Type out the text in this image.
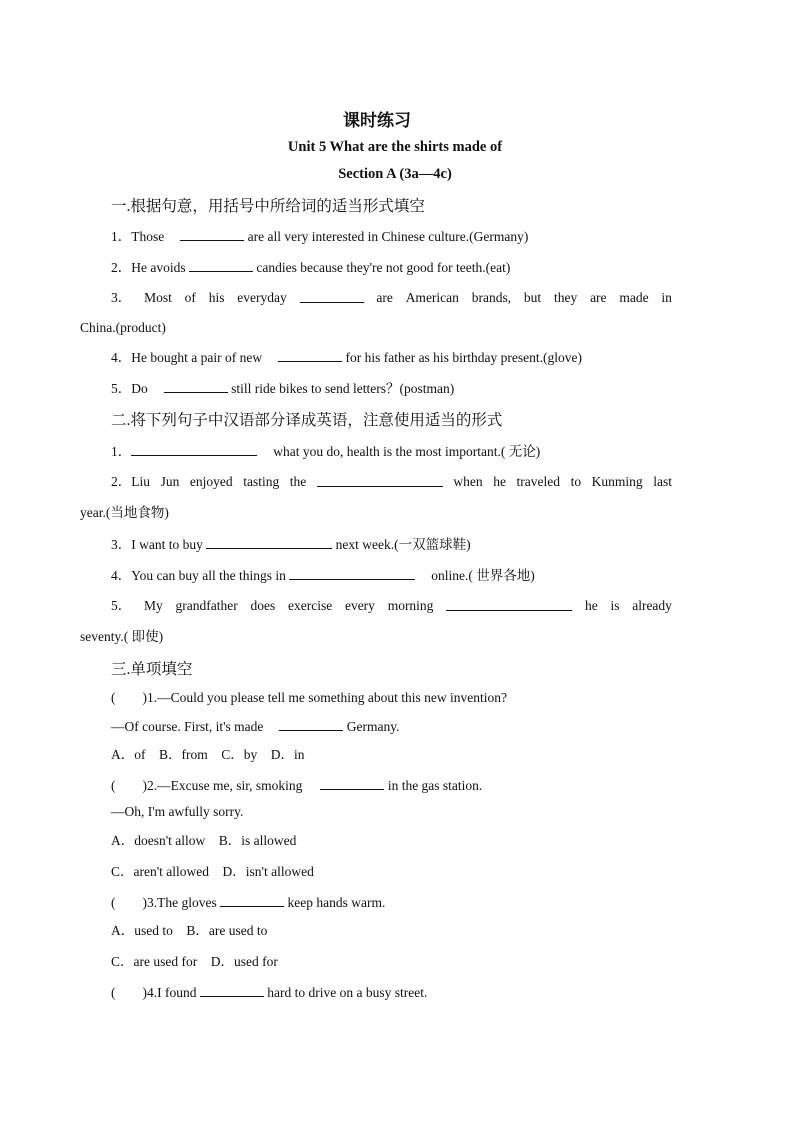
课时练习
Unit 5 What are the shirts made of
Section A (3a—4c)
一.根据句意，用括号中所给词的适当形式填空
1．Those	are all very interested in Chinese culture.(Germany)
2．He avoids	candies because they're not good for teeth.(eat)
3． Most of his everyday	are American brands, but they are made in
China.(product)
4．He bought a pair of new	for his father as his birthday present.(glove)
5．Do	still ride bikes to send letters？(postman)
二.将下列句子中汉语部分译成英语，注意使用适当的形式
1．	what you do, health is the most important.( 无论)
2．Liu Jun enjoyed tasting the	when he traveled to Kunming last
year.(当地食物)
3．I want to buy	next week.(一双篮球鞋)
4．You can buy all the things in	online.( 世界各地)
5． My grandfather does exercise every morning	he is already
seventy.( 即使)
三.单项填空
(　　)1.—Could you please tell me something about this new invention?
—Of course. First, it's made	Germany.
A．of　B．from　C．by　D．in
(　　)2.—Excuse me, sir, smoking	in the gas station.
—Oh, I'm awfully sorry.
A．doesn't allow　B．is allowed
C．aren't allowed　D．isn't allowed
(　　)3.The gloves	keep hands warm.
A．used to　B．are used to
C．are used for　D．used for
(　　)4.I found	hard to drive on a busy street.
